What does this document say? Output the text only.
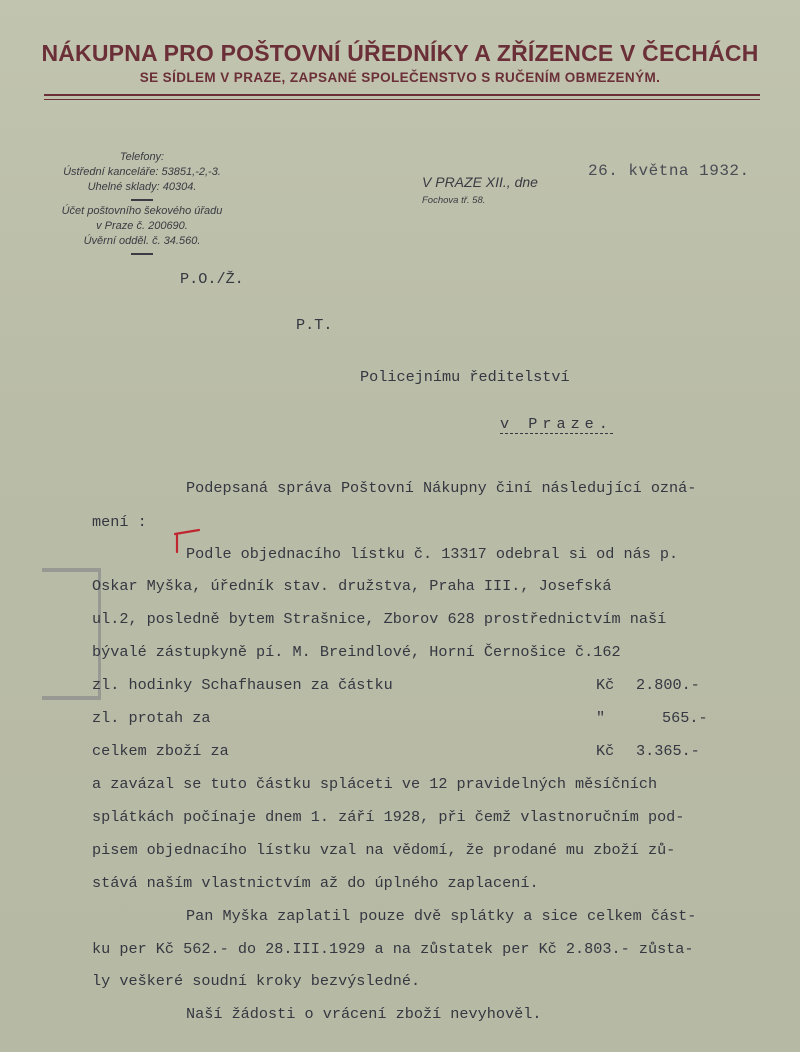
NÁKUPNA PRO POŠTOVNÍ ÚŘEDNÍKY A ZŘÍZENCE V ČECHÁCH
SE SÍDLEM V PRAZE, ZAPSANÉ SPOLEČENSTVO S RUČENÍM OBMEZENÝM.
Telefony:
Ústřední kanceláře: 53851,-2,-3.
Uhelné sklady: 40304.
Účet poštovního šekového úřadu
v Praze č. 200690.
Úvěrní odděl. č. 34.560.
V PRAZE XII., dne
Fochova tř. 58.
26. května 1932.
P.O./Ž.
P.T.
Policejnímu ředitelství
v Praze.
Podepsaná správa Poštovní Nákupny činí následující ozná-
mení :
Podle objednacího lístku č. 13317 odebral si od nás p.
Oskar Myška, úředník stav. družstva, Praha III., Josefská
ul.2, posledně bytem Strašnice, Zborov 628 prostřednictvím naší
bývalé zástupkyně pí. M. Breindlové, Horní Černošice č.162
zl. hodinky Schafhausen za částku	Kč 2.800.-
zl. protah za	"	565.-
celkem zboží za	Kč 3.365.-
a zavázal se tuto částku spláceti ve 12 pravidelných měsíčních
splátkách počínaje dnem 1. září 1928, při čemž vlastnoručním pod-
pisem objednacího lístku vzal na vědomí, že prodané mu zboží zů-
stává naším vlastnictvím až do úplného zaplacení.
Pan Myška zaplatil pouze dvě splátky a sice celkem část-
ku per Kč 562.- do 28.III.1929 a na zůstatek per Kč 2.803.- zůsta-
ly veškeré soudní kroky bezvýsledné.
Naší žádosti o vrácení zboží nevyhověl.
